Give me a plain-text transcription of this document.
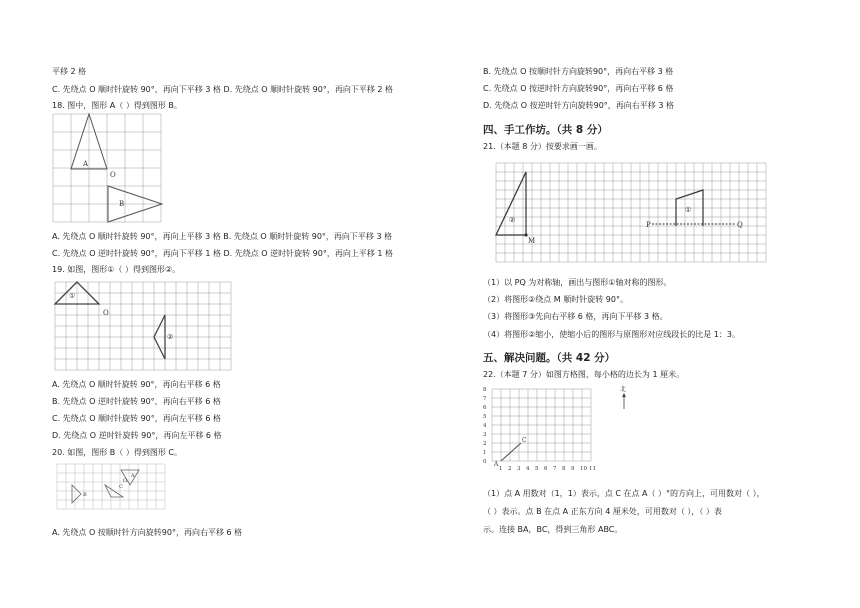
平移 2 格
C. 先绕点 O 顺时针旋转 90°，再向下平移 3 格 D. 先绕点 O 顺时针旋转 90°，再向下平移 2 格
18. 图中，图形 A（ ）得到图形 B。
A
O
B
A. 先绕点 O 顺时针旋转 90°，再向上平移 3 格 B. 先绕点 O 顺时针旋转 90°，再向下平移 3 格
C. 先绕点 O 逆时针旋转 90°，再向下平移 1 格 D. 先绕点 O 逆时针旋转 90°，再向上平移 1 格
19. 如图，图形①（ ）得到图形②。
①
O
②
A. 先绕点 O 顺时针旋转 90°，再向右平移 6 格
B. 先绕点 O 逆时针旋转 90°，再向右平移 6 格
C. 先绕点 O 顺时针旋转 90°，再向左平移 6 格
D. 先绕点 O 逆时针旋转 90°，再向左平移 6 格
20. 如图，图形 B（ ）得到图形 C。
A
B
C
O
A. 先绕点 O 按顺时针方向旋转90°，再向右平移 6 格
B. 先绕点 O 按顺时针方向旋转90°，再向右平移 3 格
C. 先绕点 O 按逆时针方向旋转90°，再向右平移 6 格
D. 先绕点 O 按逆时针方向旋转90°，再向右平移 3 格
四、手工作坊。（共 8 分）
21.（本题 8 分）按要求画一画。
②
M
①
P	Q
（1）以 PQ 为对称轴，画出与图形①轴对称的图形。
（2）将图形②绕点 M 顺时针旋转 90°。
（3）将图形③先向右平移 6 格，再向下平移 3 格。
（4）将图形②缩小，使缩小后的图形与原图形对应线段长的比是 1：3。
五、解决问题。（共 42 分）
22.（本题 7 分）如图方格图，每小格的边长为 1 厘米。
8
7
6
5
4
3
2
1
0
1 2 3 4 5 6 7 8 9 10 11
A
C
北
（1）点 A 用数对（1，1）表示，点 C 在点 A（ ）°的方向上，可用数对（ ），
（ ）表示。点 B 在点 A 正东方向 4 厘米处，可用数对（ ），（ ）表
示。连接 BA，BC，得到三角形 ABC。
